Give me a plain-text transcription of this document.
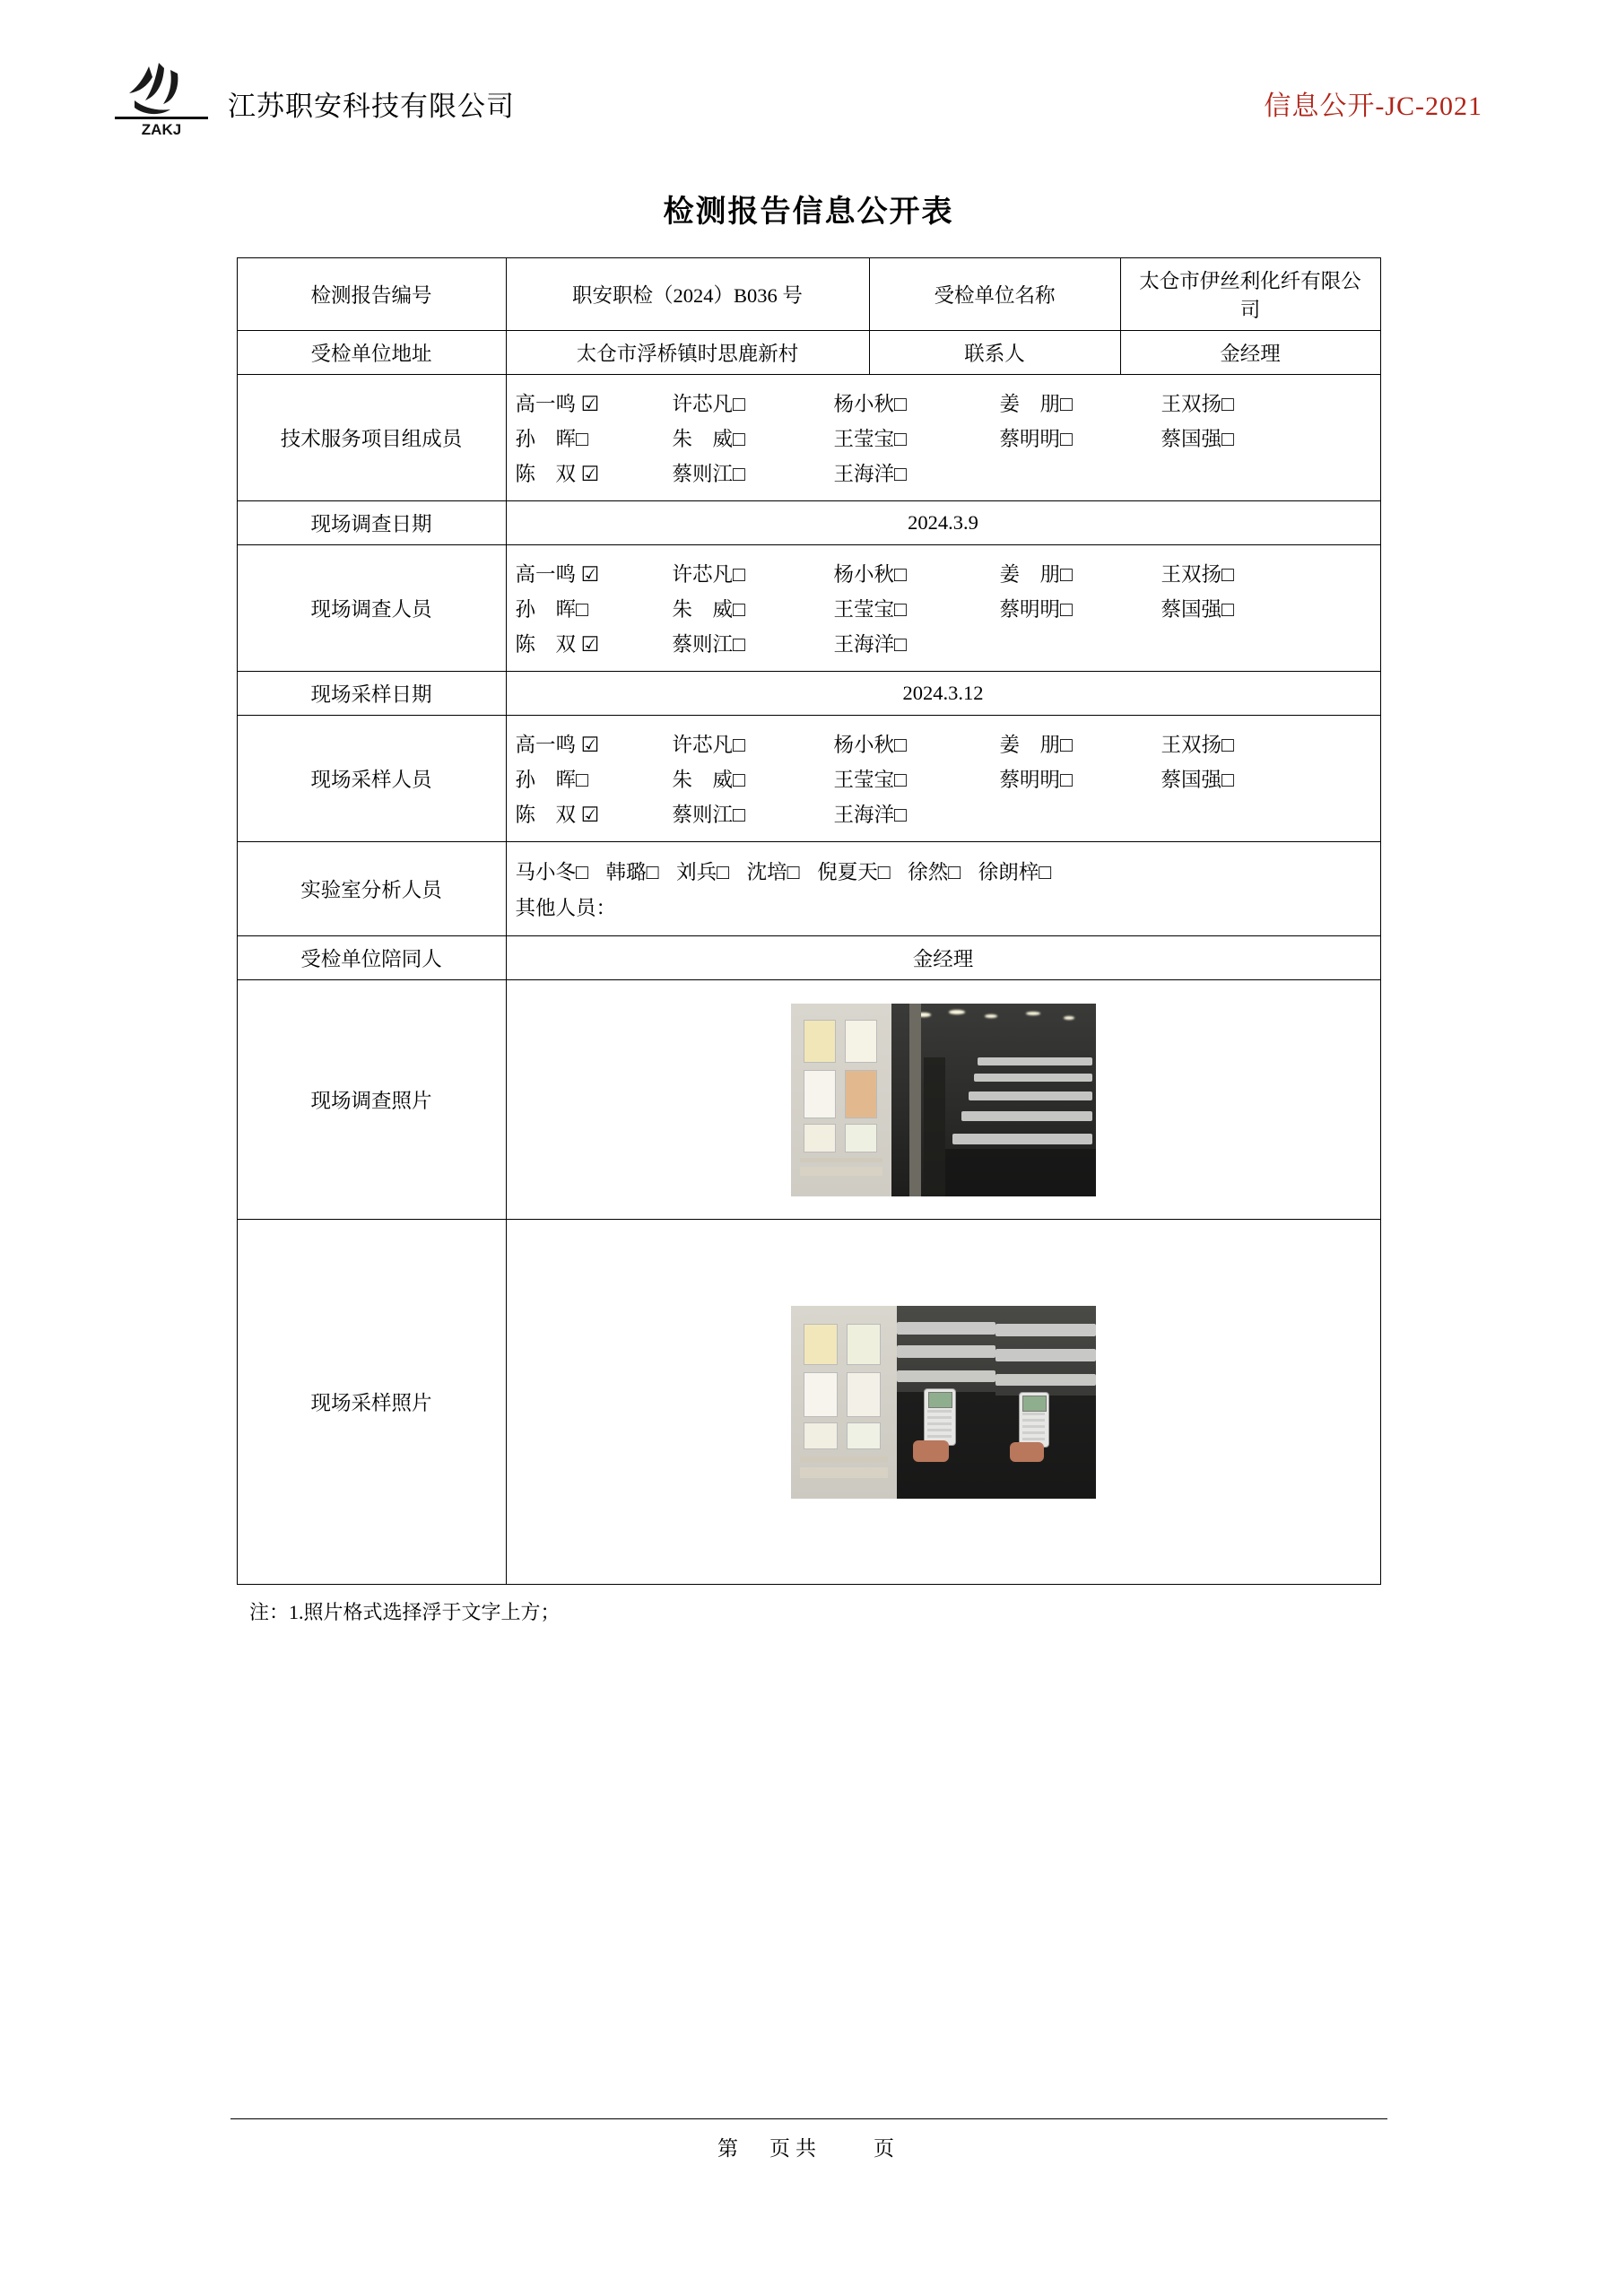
ZAKJ
江苏职安科技有限公司	信息公开-JC-2021
检测报告信息公开表
检测报告编号	职安职检（2024）B036 号	受检单位名称	太仓市伊丝利化纤有限公司
受检单位地址	太仓市浮桥镇时思鹿新村	联系人	金经理
技术服务项目组成员	
高一鸣 ☑	许芯凡□	杨小秋□	姜　朋□	王双扬□
孙　晖□	朱　威□	王莹宝□	蔡明明□	蔡国强□
陈　双 ☑	蔡则江□	王海洋□

现场调查日期	2024.3.9		
现场调查人员	
高一鸣 ☑	许芯凡□	杨小秋□	姜　朋□	王双扬□
孙　晖□	朱　威□	王莹宝□	蔡明明□	蔡国强□
陈　双 ☑	蔡则江□	王海洋□

现场采样日期	2024.3.12		
现场采样人员	
高一鸣 ☑	许芯凡□	杨小秋□	姜　朋□	王双扬□
孙　晖□	朱　威□	王莹宝□	蔡明明□	蔡国强□
陈　双 ☑	蔡则江□	王海洋□

实验室分析人员	马小冬□ 韩璐□ 刘兵□ 沈培□ 倪夏天□ 徐然□ 徐朗梓□
其他人员：		

受检单位陪同人	金经理		
现场调查照片			

现场采样照片			
注：1.照片格式选择浮于文字上方；
第　页共　　页
